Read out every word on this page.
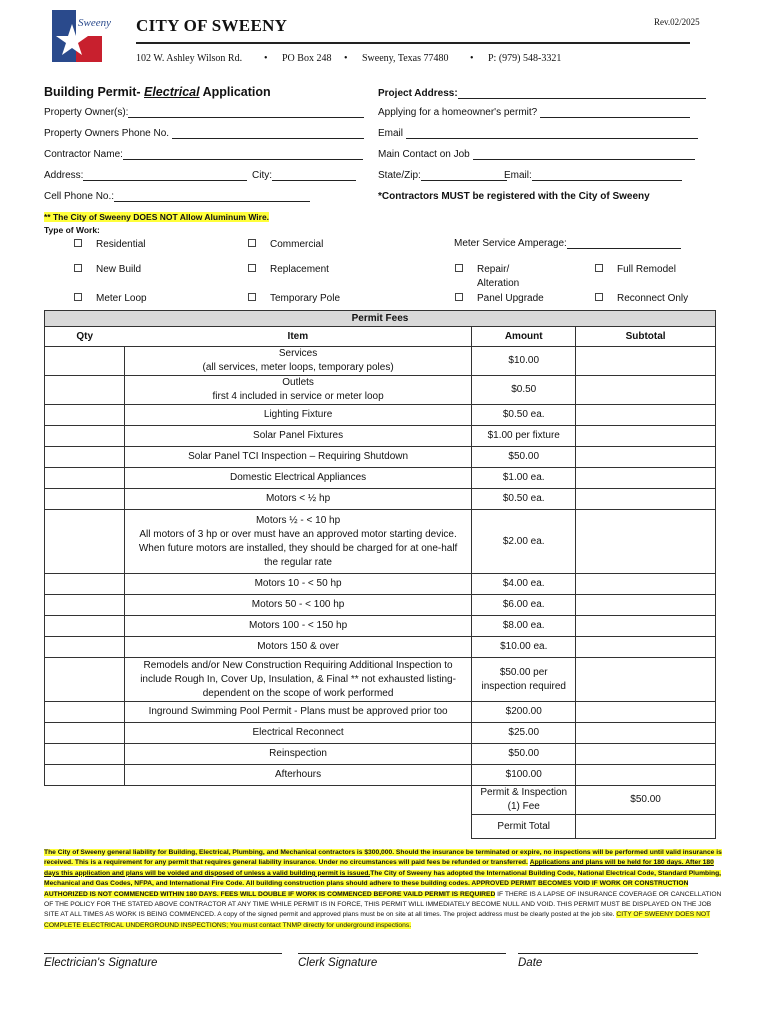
Sweeny CITY OF SWEENY	Rev.02/2025
102 W. Ashley Wilson Rd. • PO Box 248 • Sweeny, Texas 77480 • P: (979) 548-3321
Building Permit- Electrical Application	Project Address:
Property Owner(s):	Applying for a homeowner's permit?
Property Owners Phone No.	Email
Contractor Name:	Main Contact on Job
Address:	City:	State/Zip:	Email:
Cell Phone No.:	*Contractors MUST be registered with the City of Sweeny
** The City of Sweeny DOES NOT Allow Aluminum Wire.
Type of Work:
Residential	Commercial	Meter Service Amperage:
New Build	Replacement	Repair/
Alteration
Full Remodel
Meter Loop	Temporary Pole	Panel Upgrade	Reconnect Only
Permit Fees			
Qty	Item	Amount	Subtotal
	Services
(all services, meter loops, temporary poles)	$10.00	
	Outlets
first 4 included in service or meter loop	$0.50	
	Lighting Fixture	$0.50 ea.	
	Solar Panel Fixtures	$1.00 per fixture	
	Solar Panel TCI Inspection – Requiring Shutdown	$50.00	
	Domestic Electrical Appliances	$1.00 ea.	
	Motors < ½ hp	$0.50 ea.	
	Motors ½ - < 10 hp
All motors of 3 hp or over must have an approved motor starting device.
When future motors are installed, they should be charged for at one-half
the regular rate	$2.00 ea.	
	Motors 10 - < 50 hp	$4.00 ea.	
	Motors 50 - < 100 hp	$6.00 ea.	
	Motors 100 - < 150 hp	$8.00 ea.	
	Motors 150 & over	$10.00 ea.	
	Remodels and/or New Construction Requiring Additional Inspection to
include Rough In, Cover Up, Insulation, & Final ** not exhausted listing-
dependent on the scope of work performed	$50.00 per
inspection required	
	Inground Swimming Pool Permit - Plans must be approved prior too	$200.00	
	Electrical Reconnect	$25.00	
	Reinspection	$50.00	
	Afterhours	$100.00	
		Permit & Inspection (1) Fee	$50.00
		Permit Total	
The City of Sweeny general liability for Building, Electrical, Plumbing, and Mechanical contractors is $300,000. Should the insurance be terminated or expire, no inspections will be performed until valid insurance is received. This is a requirement for any permit that requires general liability insurance. Under no circumstances will paid fees be refunded or transferred. Applications and plans will be held for 180 days. After 180 days this application and plans will be voided and disposed of unless a valid building permit is issued.The City of Sweeny has adopted the International Building Code, National Electrical Code, Standard Plumbing, Mechanical and Gas Codes, NFPA, and International Fire Code. All building construction plans should adhere to these building codes. APPROVED PERMIT BECOMES VOID IF WORK OR CONSTRUCTION AUTHORIZED IS NOT COMMENCED WITHIN 180 DAYS. FEES WILL DOUBLE IF WORK IS COMMENCED BEFORE VAILD PERMIT IS REQUIRED IF THERE IS A LAPSE OF INSURANCE COVERAGE OR CANCELLATION OF THE POLICY FOR THE STATED ABOVE CONTRACTOR AT ANY TIME WHILE PERMIT IS IN FORCE, THIS PERMIT WILL IMMEDIATELY BECOME NULL AND VOID. THIS PERMIT MUST BE DISPLAYED ON THE JOB SITE AT ALL TIMES AS WORK IS BEING COMMENCED. A copy of the signed permit and approved plans must be on site at all times. The project address must be clearly posted at the job site. CITY OF SWEENY DOES NOT COMPLETE ELECTRICAL UNDERGROUND INSPECTIONS; You must contact TNMP directly for underground inspections.
Electrician's Signature	Clerk Signature	Date
